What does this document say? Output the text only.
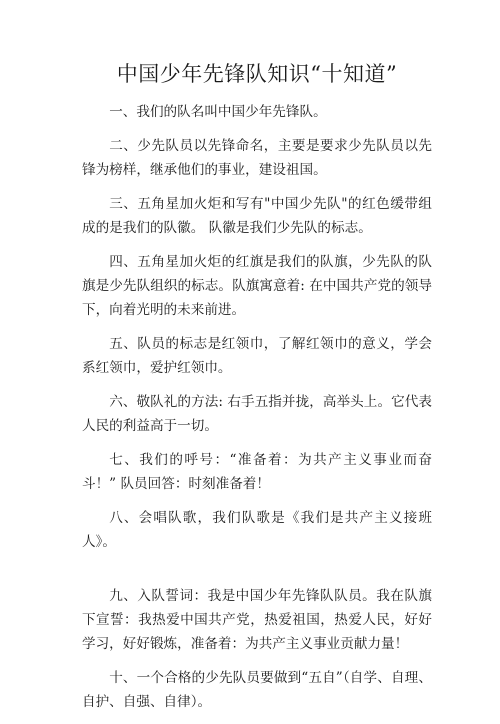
中国少年先锋队知识“十知道”

一、我们的队名叫中国少年先锋队。

二、少先队员以先锋命名，主要是要求少先队员以先锋为榜样，继承他们的事业，建设祖国。

三、五角星加火炬和写有"中国少先队"的红色缓带组成的是我们的队徽。 队徽是我们少先队的标志。

四、五角星加火炬的红旗是我们的队旗，少先队的队旗是少先队组织的标志。队旗寓意着: 在中国共产党的领导下，向着光明的未来前进。

五、队员的标志是红领巾，了解红领巾的意义，学会系红领巾，爱护红领巾。

六、敬队礼的方法: 右手五指并拢，高举头上。它代表人民的利益高于一切。

七、我们的呼号：“准备着：为共产主义事业而奋斗！” 队员回答：时刻准备着！

八、会唱队歌，我们队歌是《我们是共产主义接班人》。

九、入队誓词：我是中国少年先锋队队员。我在队旗下宣誓：我热爱中国共产党，热爱祖国，热爱人民，好好学习，好好锻炼，准备着：为共产主义事业贡献力量！

十、一个合格的少先队员要做到“五自”（自学、自理、自护、自强、自律）。
